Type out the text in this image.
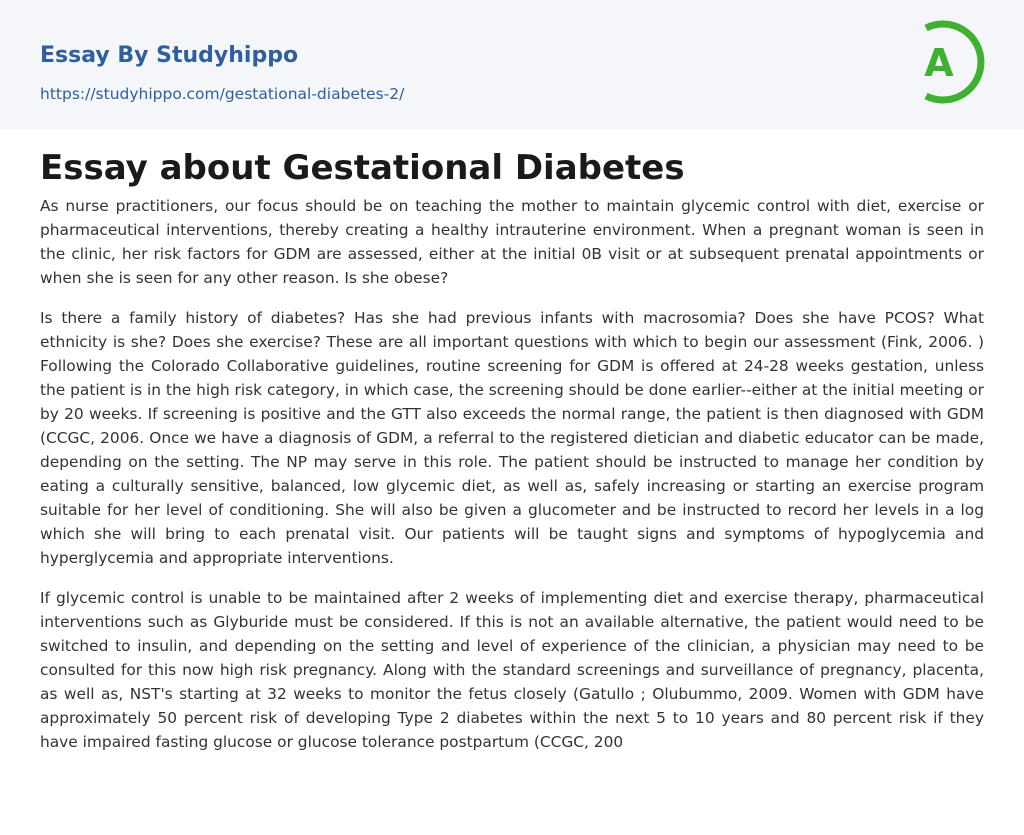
Essay By Studyhippo
https://studyhippo.com/gestational-diabetes-2/
A
Essay about Gestational Diabetes

As nurse practitioners, our focus should be on teaching the mother to maintain glycemic control with diet, exercise or pharmaceutical interventions, thereby creating a healthy intrauterine environment. When a pregnant woman is seen in the clinic, her risk factors for GDM are assessed, either at the initial 0B visit or at subsequent prenatal appointments or when she is seen for any other reason. Is she obese?

Is there a family history of diabetes? Has she had previous infants with macrosomia? Does she have PCOS? What ethnicity is she? Does she exercise? These are all important questions with which to begin our assessment (Fink, 2006. ) Following the Colorado Collaborative guidelines, routine screening for GDM is offered at 24-28 weeks gestation, unless the patient is in the high risk category, in which case, the screening should be done earlier--either at the initial meeting or by 20 weeks. If screening is positive and the GTT also exceeds the normal range, the patient is then diagnosed with GDM (CCGC, 2006. Once we have a diagnosis of GDM, a referral to the registered dietician and diabetic educator can be made, depending on the setting. The NP may serve in this role. The patient should be instructed to manage her condition by eating a culturally sensitive, balanced, low glycemic diet, as well as, safely increasing or starting an exercise program suitable for her level of conditioning. She will also be given a glucometer and be instructed to record her levels in a log which she will bring to each prenatal visit. Our patients will be taught signs and symptoms of hypoglycemia and hyperglycemia and appropriate interventions.

If glycemic control is unable to be maintained after 2 weeks of implementing diet and exercise therapy, pharmaceutical interventions such as Glyburide must be considered. If this is not an available alternative, the patient would need to be switched to insulin, and depending on the setting and level of experience of the clinician, a physician may need to be consulted for this now high risk pregnancy. Along with the standard screenings and surveillance of pregnancy, placenta, as well as, NST's starting at 32 weeks to monitor the fetus closely (Gatullo ; Olubummo, 2009. Women with GDM have approximately 50 percent risk of developing Type 2 diabetes within the next 5 to 10 years and 80 percent risk if they have impaired fasting glucose or glucose tolerance postpartum (CCGC, 200
